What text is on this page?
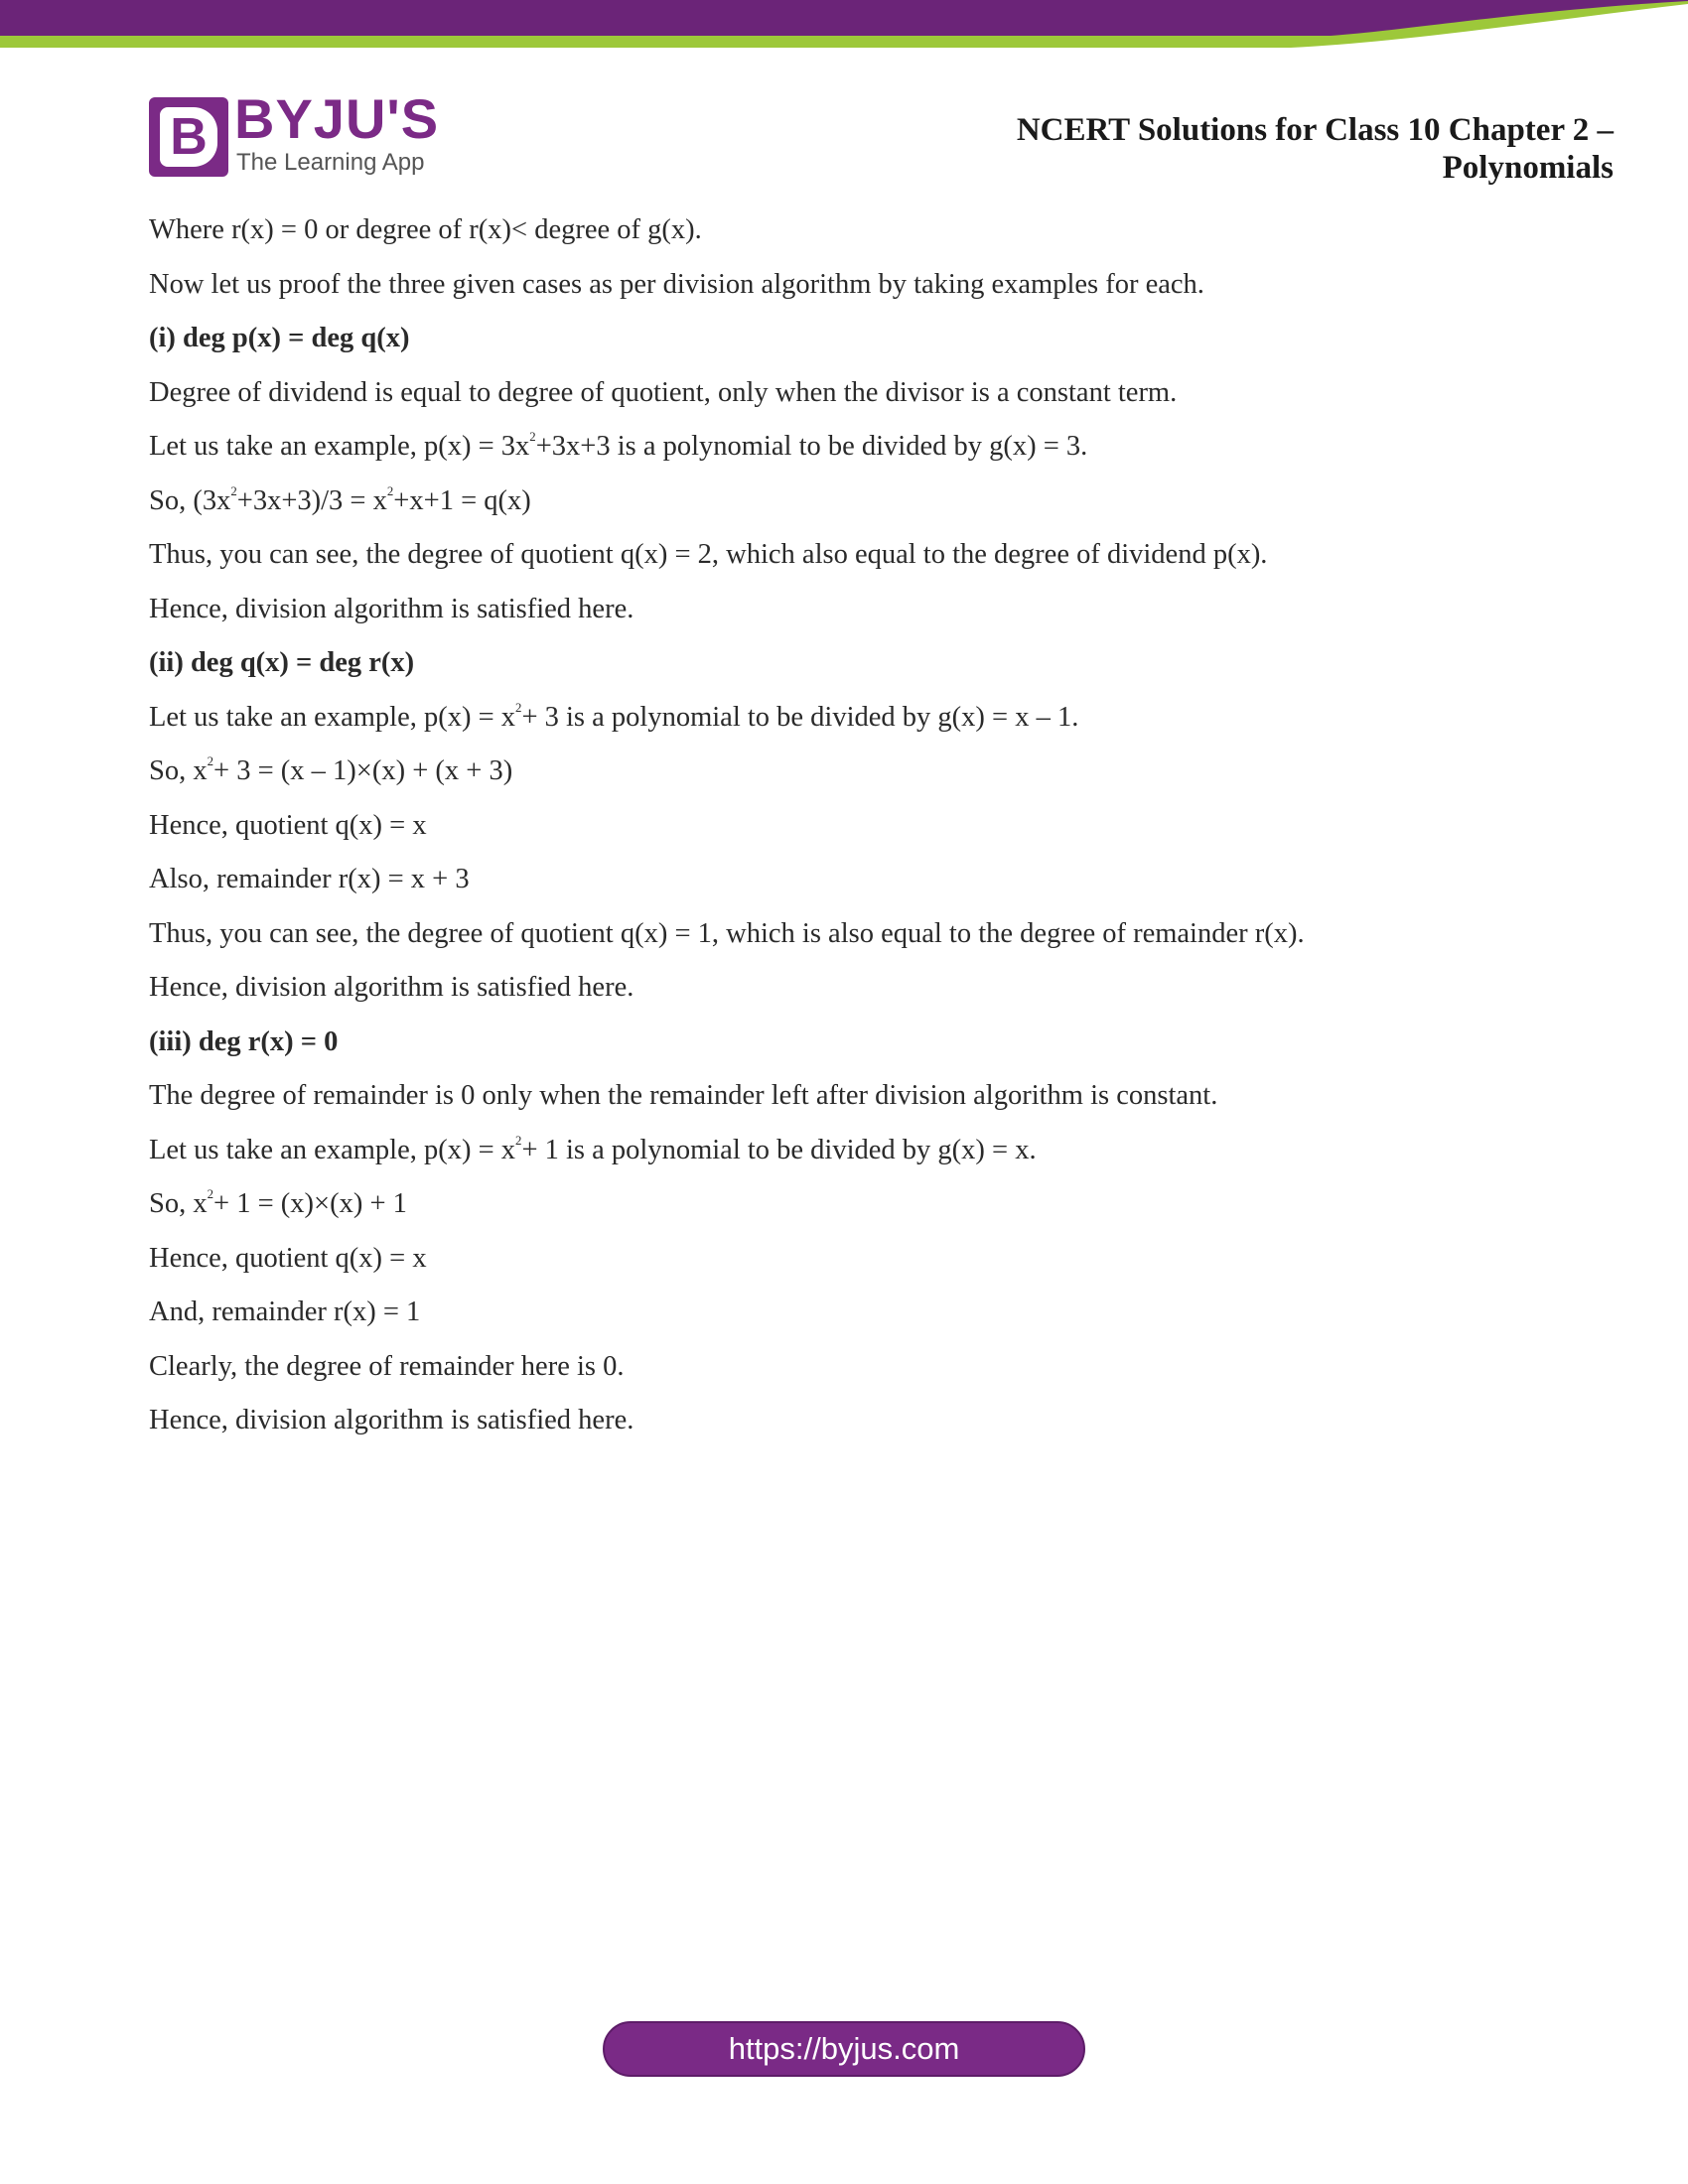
B BYJU'S
The Learning App
NCERT Solutions for Class 10 Chapter 2 –
Polynomials
Where r(x) = 0 or degree of r(x)< degree of g(x).
Now let us proof the three given cases as per division algorithm by taking examples for each.
(i) deg p(x) = deg q(x)
Degree of dividend is equal to degree of quotient, only when the divisor is a constant term.
Let us take an example, $p(x) = 3x^2+3x+3$ is a polynomial to be divided by g(x) = 3.
So, $(3x^2+3x+3)/3 = x^2+x+1 = q(x)$
Thus, you can see, the degree of quotient q(x) = 2, which also equal to the degree of dividend p(x).
Hence, division algorithm is satisfied here.
(ii) deg q(x) = deg r(x)
Let us take an example, $p(x) = x^2+ 3$ is a polynomial to be divided by g(x) = x – 1.
So, $x^2+ 3 = (x - 1)\times(x) + (x + 3)$
Hence, quotient q(x) = x
Also, remainder r(x) = x + 3
Thus, you can see, the degree of quotient q(x) = 1, which is also equal to the degree of remainder r(x).
Hence, division algorithm is satisfied here.
(iii) deg r(x) = 0
The degree of remainder is 0 only when the remainder left after division algorithm is constant.
Let us take an example, $p(x) = x^2+ 1$ is a polynomial to be divided by g(x) = x.
So, $x^2+ 1 = (x)\times(x) + 1$
Hence, quotient q(x) = x
And, remainder r(x) = 1
Clearly, the degree of remainder here is 0.
Hence, division algorithm is satisfied here.
https://byjus.com
